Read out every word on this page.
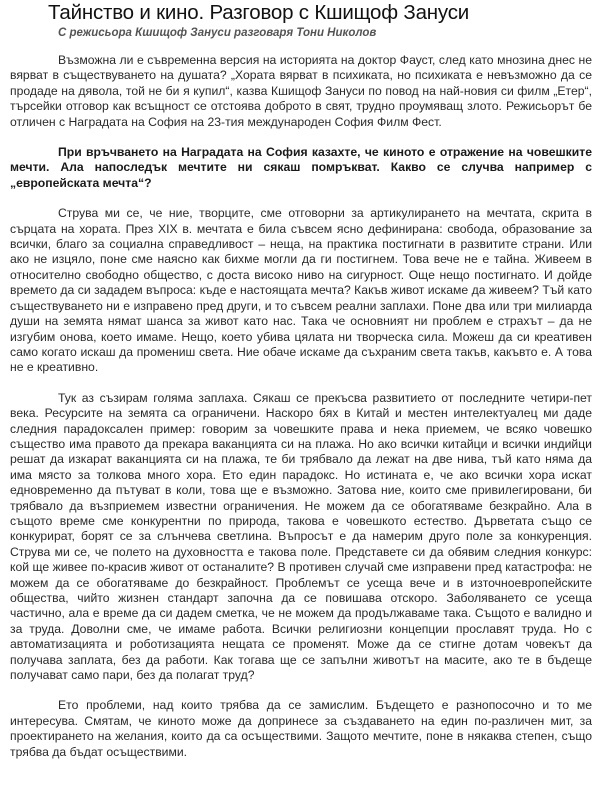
Тайнство и кино. Разговор с Кшищоф Зануси
С режисьора Кшищоф Зануси разговаря Тони Николов

Възможна ли е съвременна версия на историята на доктор Фауст, след като мнозина днес не вярват в съществуването на душата? „Хората вярват в психиката, но психиката е невъзможно да се продаде на дявола, той не би я купил“, казва Кшищоф Зануси по повод на най-новия си филм „Етер“, търсейки отговор как всъщност се отстоява доброто в свят, трудно проумяващ злото. Режисьорът бе отличен с Наградата на София на 23-тия международен София Филм Фест.

При връчването на Наградата на София казахте, че киното е отражение на човешките мечти. Ала напоследък мечтите ни сякаш помръкват. Какво се случва например с „европейската мечта“?

Струва ми се, че ние, творците, сме отговорни за артикулирането на мечтата, скрита в сърцата на хората. През XIX в. мечтата е била съвсем ясно дефинирана: свобода, образование за всички, благо за социална справедливост – неща, на практика постигнати в развитите страни. Или ако не изцяло, поне сме наясно как бихме могли да ги постигнем. Това вече не е тайна. Живеем в относително свободно общество, с доста високо ниво на сигурност. Още нещо постигнато. И дойде времето да си зададем въпроса: къде е настоящата мечта? Какъв живот искаме да живеем? Тъй като съществуването ни е изправено пред други, и то съвсем реални заплахи. Поне два или три милиарда души на земята нямат шанса за живот като нас. Така че основният ни проблем е страхът – да не изгубим онова, което имаме. Нещо, което убива цялата ни творческа сила. Можеш да си креативен само когато искаш да промениш света. Ние обаче искаме да съхраним света такъв, какъвто е. А това не е креативно.

Тук аз съзирам голяма заплаха. Сякаш се прекъсва развитието от последните четири-пет века. Ресурсите на земята са ограничени. Наскоро бях в Китай и местен интелектуалец ми даде следния парадоксален пример: говорим за човешките права и нека приемем, че всяко човешко същество има правото да прекара ваканцията си на плажа. Но ако всички китайци и всички индийци решат да изкарат ваканцията си на плажа, те би трябвало да лежат на две нива, тъй като няма да има място за толкова много хора. Ето един парадокс. Но истината е, че ако всички хора искат едновременно да пътуват в коли, това ще е възможно. Затова ние, които сме привилегировани, би трябвало да възприемем известни ограничения. Не можем да се обогатяваме безкрайно. Ала в същото време сме конкурентни по природа, такова е човешкото естество. Дърветата също се конкурират, борят се за слънчева светлина. Въпросът е да намерим друго поле за конкуренция. Струва ми се, че полето на духовността е такова поле. Представете си да обявим следния конкурс: кой ще живее по-красив живот от останалите? В противен случай сме изправени пред катастрофа: не можем да се обогатяваме до безкрайност. Проблемът се усеща вече и в източноевропейските общества, чийто жизнен стандарт започна да се повишава отскоро. Заболяването се усеща частично, ала е време да си дадем сметка, че не можем да продължаваме така. Същото е валидно и за труда. Доволни сме, че имаме работа. Всички религиозни концепции прославят труда. Но с автоматизацията и роботизацията нещата се променят. Може да се стигне дотам човекът да получава заплата, без да работи. Как тогава ще се запълни животът на масите, ако те в бъдеще получават само пари, без да полагат труд?

Ето проблеми, над които трябва да се замислим. Бъдещето е разнопосочно и то ме интересува. Смятам, че киното може да допринесе за създаването на един по-различен мит, за проектирането на желания, които да са осъществими. Защото мечтите, поне в някаква степен, също трябва да бъдат осъществими.
